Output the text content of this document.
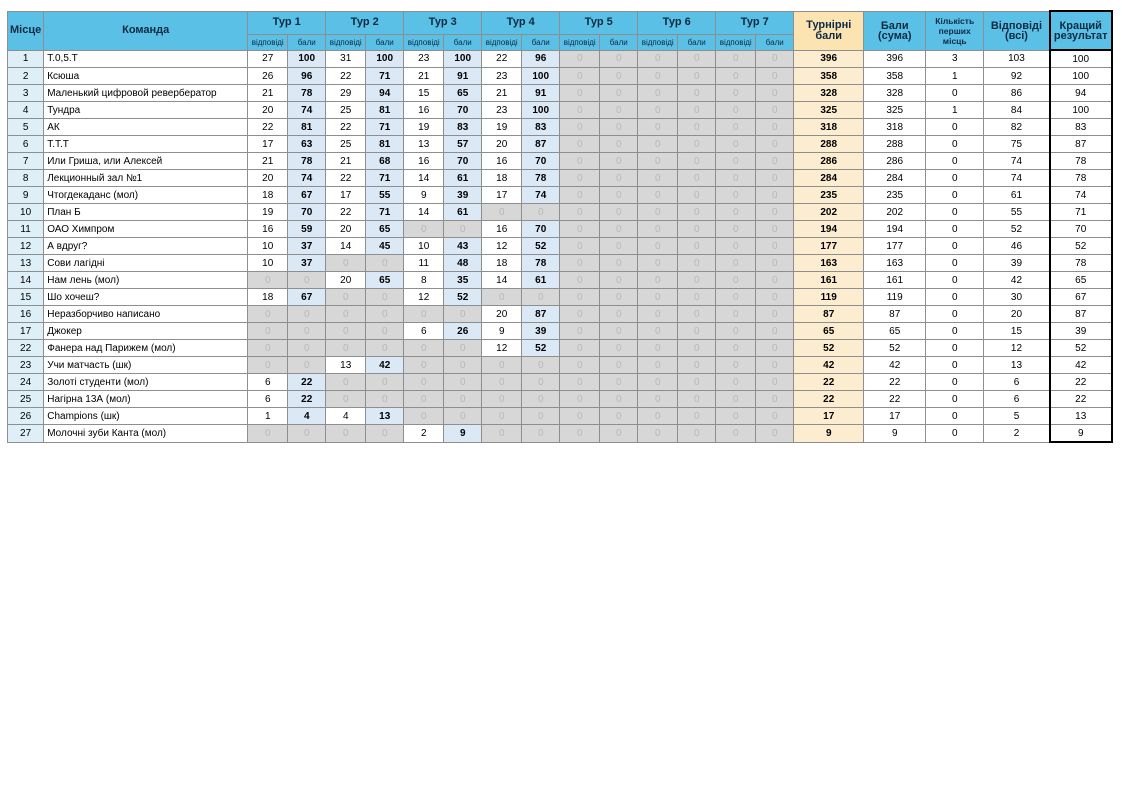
Місце	Команда	Тур 1		Тур 2		Тур 3		Тур 4		Тур 5		Тур 6		Тур 7		Турнірні бали	Бали (сума)	Кількість перших місць	Відповіді (всі)	Кращий результат
		відповіді	бали	відповіді	бали	відповіді	бали	відповіді	бали	відповіді	бали	відповіді	бали	відповіді	бали					
1	Т.0,5.Т	27	100	31	100	23	100	22	96	0	0	0	0	0	0	396	396	3	103	100
2	Ксюша	26	96	22	71	21	91	23	100	0	0	0	0	0	0	358	358	1	92	100
3	Маленький цифровой ревербератор	21	78	29	94	15	65	21	91	0	0	0	0	0	0	328	328	0	86	94
4	Тундра	20	74	25	81	16	70	23	100	0	0	0	0	0	0	325	325	1	84	100
5	АК	22	81	22	71	19	83	19	83	0	0	0	0	0	0	318	318	0	82	83
6	Т.Т.Т	17	63	25	81	13	57	20	87	0	0	0	0	0	0	288	288	0	75	87
7	Или Гриша, или Алексей	21	78	21	68	16	70	16	70	0	0	0	0	0	0	286	286	0	74	78
8	Лекционный зал №1	20	74	22	71	14	61	18	78	0	0	0	0	0	0	284	284	0	74	78
9	Чтогдекаданс (мол)	18	67	17	55	9	39	17	74	0	0	0	0	0	0	235	235	0	61	74
10	План Б	19	70	22	71	14	61	0	0	0	0	0	0	0	0	202	202	0	55	71
11	ОАО Химпром	16	59	20	65	0	0	16	70	0	0	0	0	0	0	194	194	0	52	70
12	А вдруг?	10	37	14	45	10	43	12	52	0	0	0	0	0	0	177	177	0	46	52
13	Сови лагідні	10	37	0	0	11	48	18	78	0	0	0	0	0	0	163	163	0	39	78
14	Нам лень (мол)	0	0	20	65	8	35	14	61	0	0	0	0	0	0	161	161	0	42	65
15	Шо хочеш?	18	67	0	0	12	52	0	0	0	0	0	0	0	0	119	119	0	30	67
16	Неразборчиво написано	0	0	0	0	0	0	20	87	0	0	0	0	0	0	87	87	0	20	87
17	Джокер	0	0	0	0	6	26	9	39	0	0	0	0	0	0	65	65	0	15	39
22	Фанера над Парижем (мол)	0	0	0	0	0	0	12	52	0	0	0	0	0	0	52	52	0	12	52
23	Учи матчасть (шк)	0	0	13	42	0	0	0	0	0	0	0	0	0	0	42	42	0	13	42
24	Золоті студенти (мол)	6	22	0	0	0	0	0	0	0	0	0	0	0	0	22	22	0	6	22
25	Нагірна 13А (мол)	6	22	0	0	0	0	0	0	0	0	0	0	0	0	22	22	0	6	22
26	Champions (шк)	1	4	4	13	0	0	0	0	0	0	0	0	0	0	17	17	0	5	13
27	Молочні зуби Канта (мол)	0	0	0	0	2	9	0	0	0	0	0	0	0	0	9	9	0	2	9
